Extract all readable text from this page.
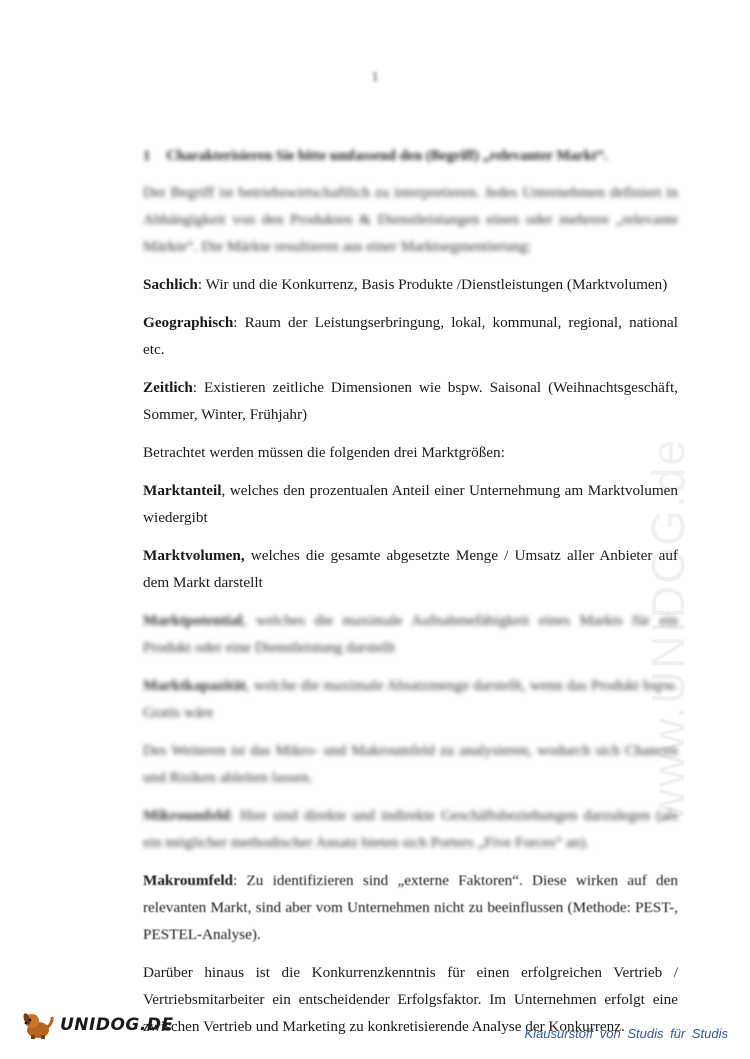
1
www.UNIDOG.de
1 Charakterisieren Sie bitte umfassend den (Begriff) „relevanter Markt“.

Der Begriff ist betriebswirtschaftlich zu interpretieren. Jedes Unternehmen definiert in Abhängigkeit von den Produkten & Dienstleistungen einen oder mehrere „relevante Märkte“. Die Märkte resultieren aus einer Marktsegmentierung:

Sachlich: Wir und die Konkurrenz, Basis Produkte /Dienstleistungen (Marktvolumen)

Geographisch: Raum der Leistungserbringung, lokal, kommunal, regional, national etc.

Zeitlich: Existieren zeitliche Dimensionen wie bspw. Saisonal (Weihnachtsgeschäft, Sommer, Winter, Frühjahr)

Betrachtet werden müssen die folgenden drei Marktgrößen:

Marktanteil, welches den prozentualen Anteil einer Unternehmung am Marktvolumen wiedergibt

Marktvolumen, welches die gesamte abgesetzte Menge / Umsatz aller Anbieter auf dem Markt darstellt

Marktpotential, welches die maximale Aufnahmefähigkeit eines Markts für ein Produkt oder eine Dienstleistung darstellt

Marktkapazität, welche die maximale Absatzmenge darstellt, wenn das Produkt bspw. Gratis wäre

Des Weiteren ist das Mikro- und Makroumfeld zu analysieren, wodurch sich Chancen und Risiken ableiten lassen.

Mikroumfeld: Hier sind direkte und indirekte Geschäftsbeziehungen darzulegen (als ein möglicher methodischer Ansatz bieten sich Porters „Five Forces“ an).

Makroumfeld: Zu identifizieren sind „externe Faktoren“. Diese wirken auf den relevanten Markt, sind aber vom Unternehmen nicht zu beeinflussen (Methode: PEST-, PESTEL-Analyse).

Darüber hinaus ist die Konkurrenzkenntnis für einen erfolgreichen Vertrieb / Vertriebsmitarbeiter ein entscheidender Erfolgsfaktor. Im Unternehmen erfolgt eine zwischen Vertrieb und Marketing zu konkretisierende Analyse der Konkurrenz.

UNIDOG.DE	Klausurstoff von Studis für Studis
